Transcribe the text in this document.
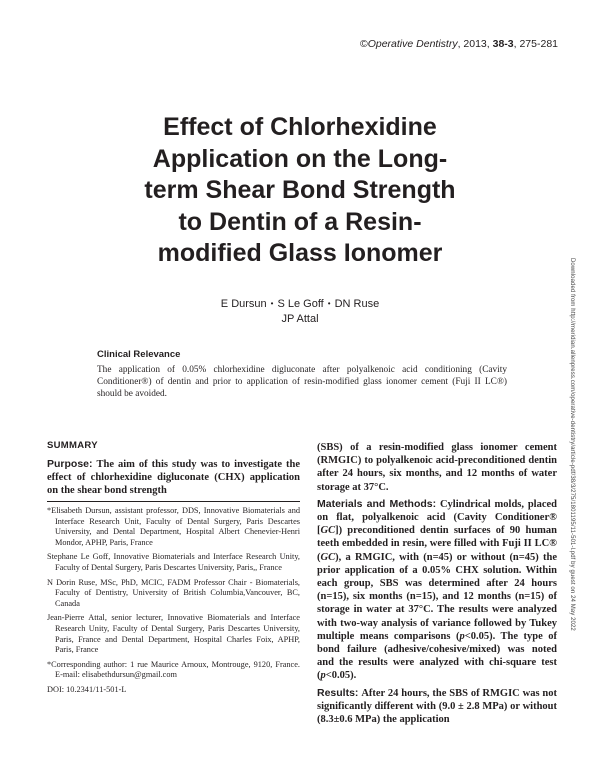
©Operative Dentistry, 2013, 38-3, 275-281
Effect of Chlorhexidine
Application on the Long-
term Shear Bond Strength
to Dentin of a Resin-
modified Glass Ionomer
E Dursun • S Le Goff • DN Ruse
JP Attal
Clinical Relevance

The application of 0.05% chlorhexidine digluconate after polyalkenoic acid conditioning (Cavity Conditioner®) of dentin and prior to application of resin-modified glass ionomer cement (Fuji II LC®) should be avoided.	Downloaded from http://meridian.allenpress.com/operative-dentistry/article-pdf/38/3/275/1801195/11-501-l.pdf by guest on 24 May 2022
SUMMARY

Purpose: The aim of this study was to investigate the effect of chlorhexidine digluconate (CHX) application on the shear bond strength

*Elisabeth Dursun, assistant professor, DDS, Innovative Biomaterials and Interface Research Unit, Faculty of Dental Surgery, Paris Descartes University, and Dental Department, Hospital Albert Chenevier-Henri Mondor, APHP, Paris, France

Stephane Le Goff, Innovative Biomaterials and Interface Research Unity, Faculty of Dental Surgery, Paris Descartes University, Paris,, France

N Dorin Ruse, MSc, PhD, MCIC, FADM Professor Chair - Biomaterials, Faculty of Dentistry, University of British Columbia,Vancouver, BC, Canada

Jean-Pierre Attal, senior lecturer, Innovative Biomaterials and Interface Research Unity, Faculty of Dental Surgery, Paris Descartes University, Paris, France and Dental Department, Hospital Charles Foix, APHP, Paris, France

*Corresponding author: 1 rue Maurice Arnoux, Montrouge, 9120, France. E-mail: elisabethdursun@gmail.com

DOI: 10.2341/11-501-L

(SBS) of a resin-modified glass ionomer cement (RMGIC) to polyalkenoic acid-preconditioned dentin after 24 hours, six months, and 12 months of water storage at 37°C.

Materials and Methods: Cylindrical molds, placed on flat, polyalkenoic acid (Cavity Conditioner® [GC]) preconditioned dentin surfaces of 90 human teeth embedded in resin, were filled with Fuji II LC® (GC), a RMGIC, with (n=45) or without (n=45) the prior application of a 0.05% CHX solution. Within each group, SBS was determined after 24 hours (n=15), six months (n=15), and 12 months (n=15) of storage in water at 37°C. The results were analyzed with two-way analysis of variance followed by Tukey multiple means comparisons (p<0.05). The type of bond failure (adhesive/cohesive/mixed) was noted and the results were analyzed with chi-square test (p<0.05).

Results: After 24 hours, the SBS of RMGIC was not significantly different with (9.0 ± 2.8 MPa) or without (8.3±0.6 MPa) the application
